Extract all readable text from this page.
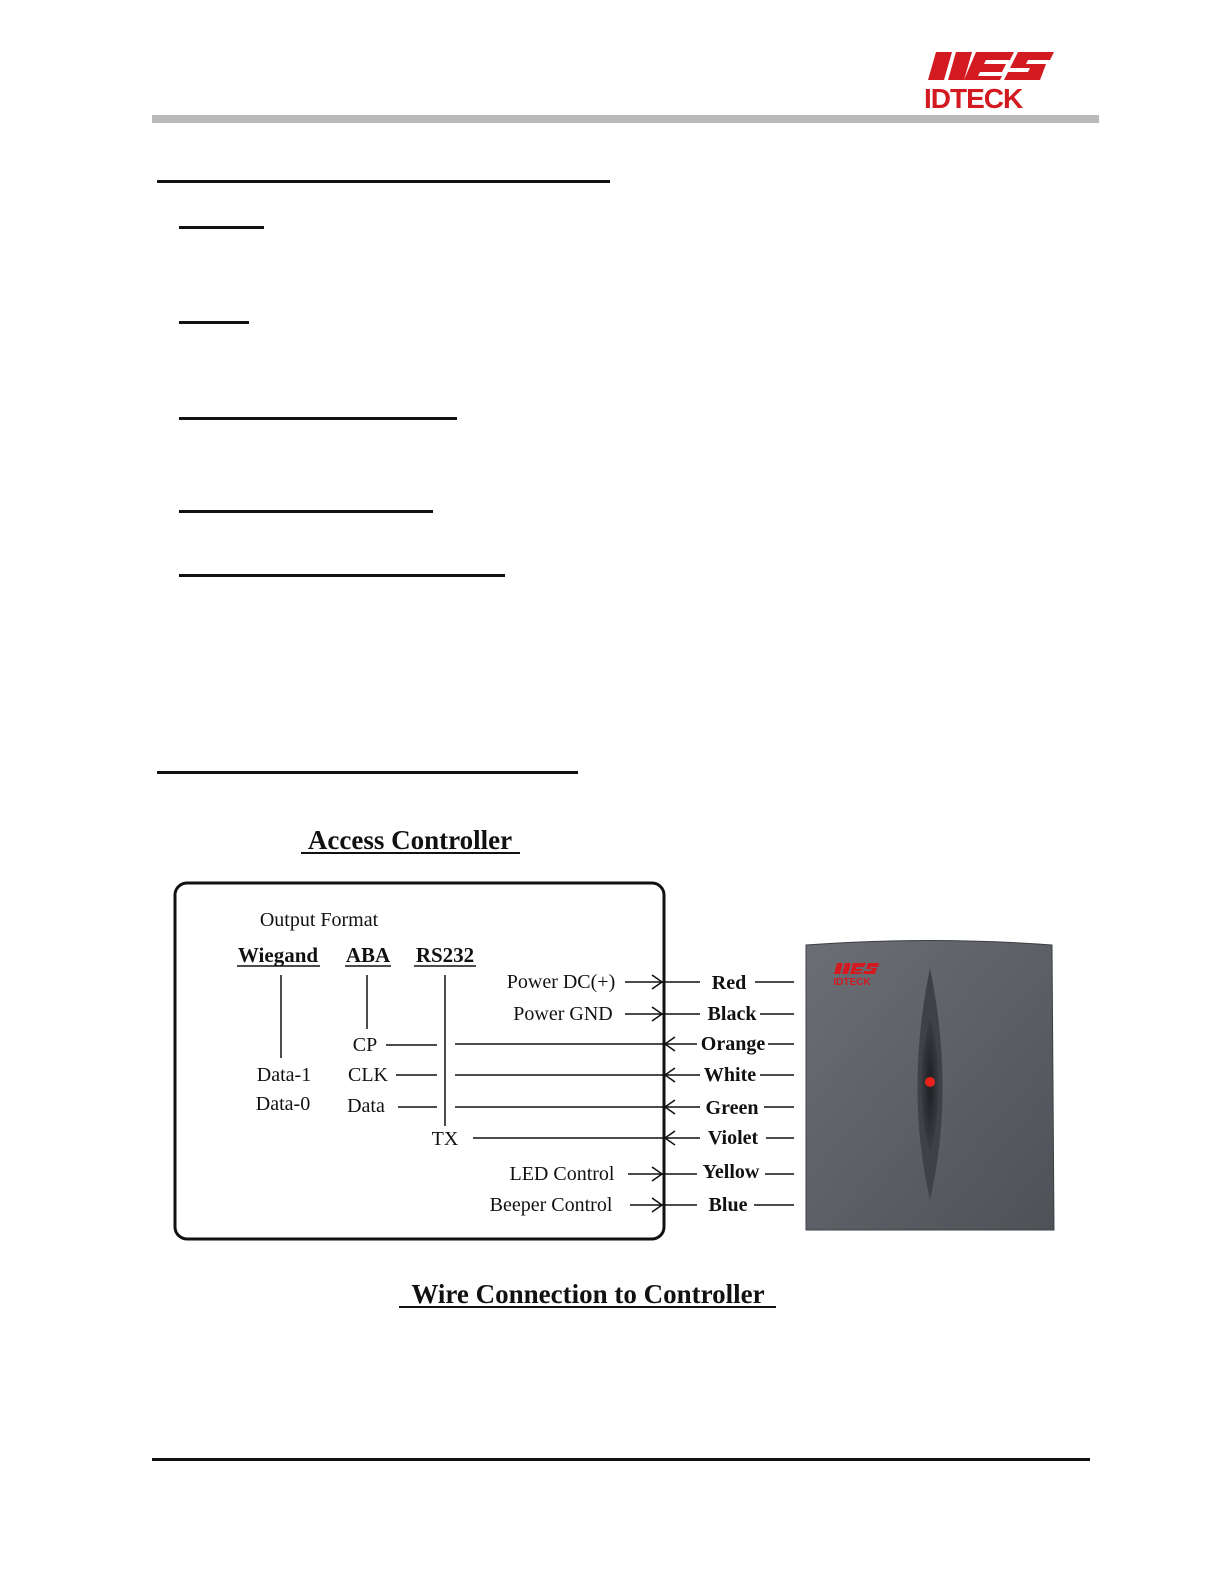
IDTECK
Access Controller
Output Format
Wiegand ABA RS232
Data-1
Data-0
CP
CLK
Data
TX
Power DC(+)
Power GND
LED Control
Beeper Control
Red
Black
Orange
White
Green
Violet
Yellow
Blue
IDTECK
Wire Connection to Controller
